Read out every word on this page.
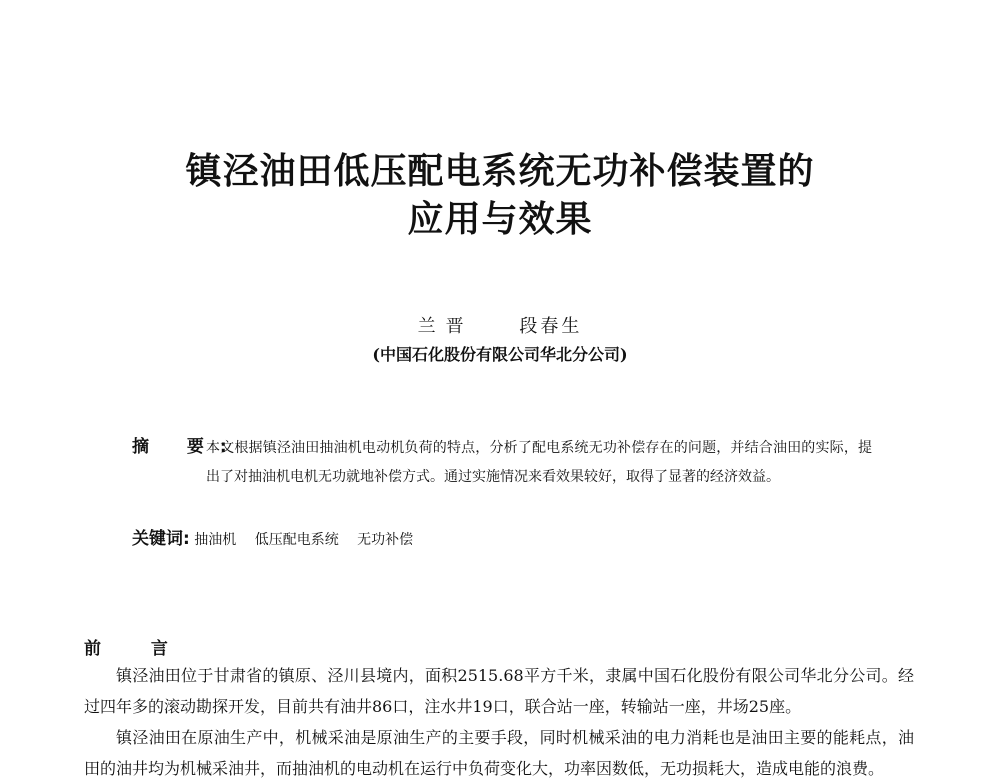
镇泾油田低压配电系统无功补偿装置的
应用与效果
兰晋	段春生
(中国石化股份有限公司华北分公司)
摘 要:
本文根据镇泾油田抽油机电动机负荷的特点，分析了配电系统无功补偿存在的问题，并结合油田的实际，提出了对抽油机电机无功就地补偿方式。通过实施情况来看效果较好，取得了显著的经济效益。
关键词: 抽油机 低压配电系统 无功补偿
前 言

镇泾油田位于甘肃省的镇原、泾川县境内，面积2515.68平方千米，隶属中国石化股份有限公司华北分公司。经过四年多的滚动勘探开发，目前共有油井86口，注水井19口，联合站一座，转输站一座，井场25座。

镇泾油田在原油生产中，机械采油是原油生产的主要手段，同时机械采油的电力消耗也是油田主要的能耗点，油田的油井均为机械采油井，而抽油机的电动机在运行中负荷变化大，功率因数低，无功损耗大，造成电能的浪费。
